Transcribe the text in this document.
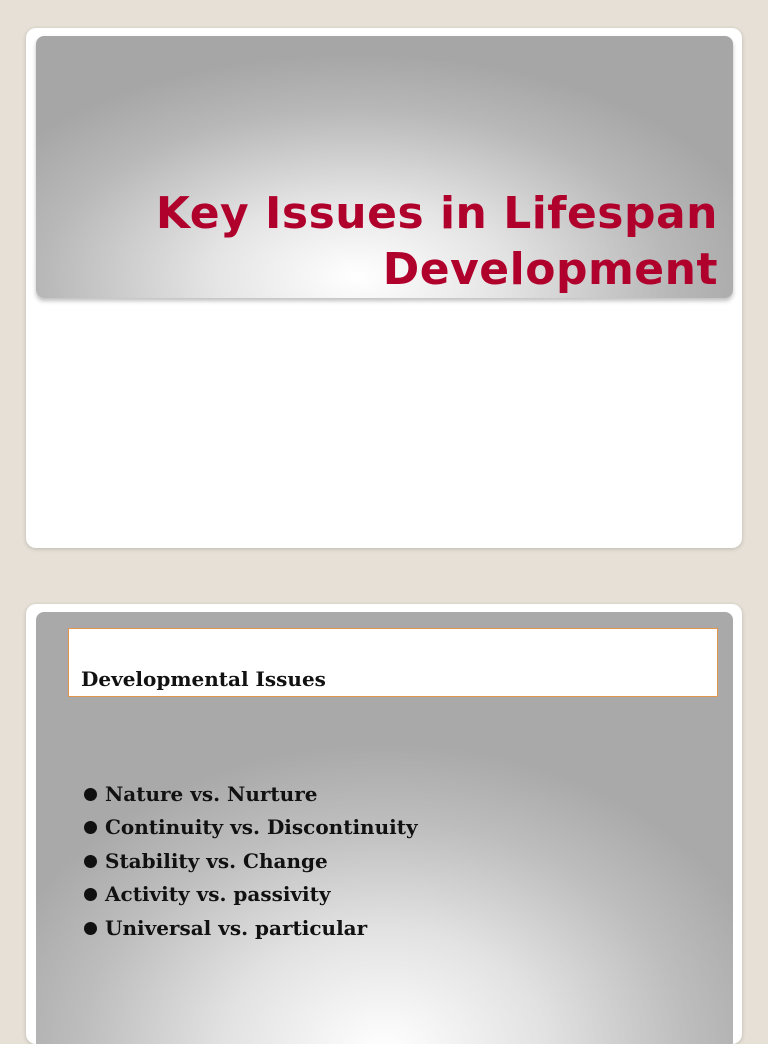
Key Issues in Lifespan
Development
Developmental Issues
Nature vs. Nurture
Continuity vs. Discontinuity
Stability vs. Change
Activity vs. passivity
Universal vs. particular
